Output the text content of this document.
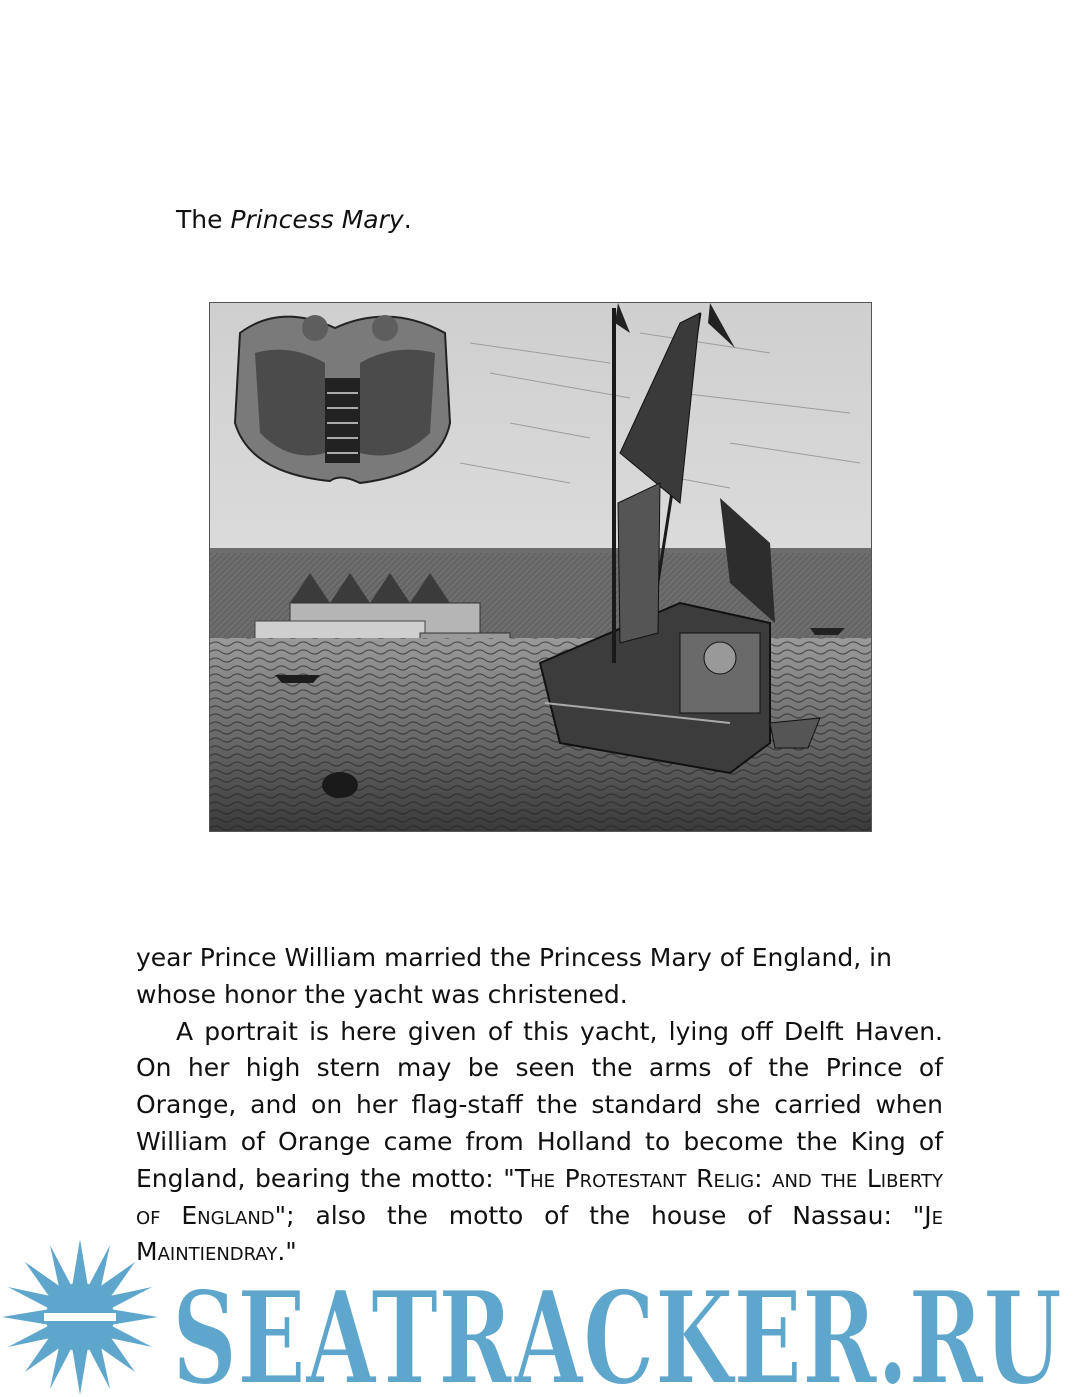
The Princess Mary.

year Prince William married the Princess Mary of England, in whose honor the yacht was christened.

A portrait is here given of this yacht, lying off Delft Haven. On her high stern may be seen the arms of the Prince of Orange, and on her flag-staff the standard she carried when William of Orange came from Holland to become the King of England, bearing the motto: "The Protestant Relig: and the Liberty of England"; also the motto of the house of Nassau: "Je Maintiendray."

SEATRACKER.RU
